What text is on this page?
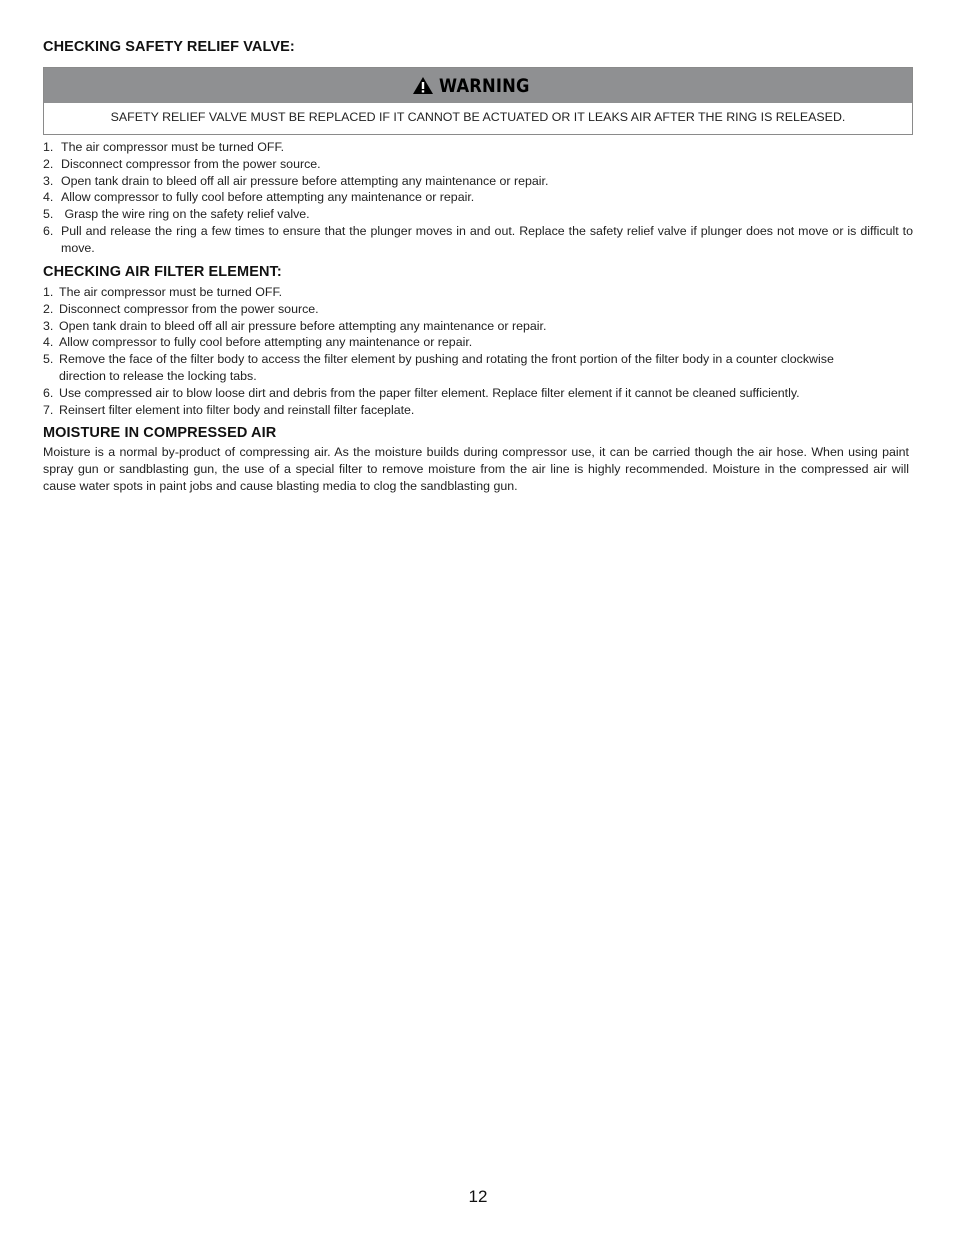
CHECKING SAFETY RELIEF VALVE:
WARNING
SAFETY RELIEF VALVE MUST BE REPLACED IF IT CANNOT BE ACTUATED OR IT LEAKS AIR AFTER THE RING IS RELEASED.
1. The air compressor must be turned OFF.
2. Disconnect compressor from the power source.
3. Open tank drain to bleed off all air pressure before attempting any maintenance or repair.
4. Allow compressor to fully cool before attempting any maintenance or repair.
5. Grasp the wire ring on the safety relief valve.
6. Pull and release the ring a few times to ensure that the plunger moves in and out. Replace the safety relief valve if plunger does not move or is difficult to move.
CHECKING AIR FILTER ELEMENT:
1. The air compressor must be turned OFF.
2. Disconnect compressor from the power source.
3. Open tank drain to bleed off all air pressure before attempting any maintenance or repair.
4. Allow compressor to fully cool before attempting any maintenance or repair.
5. Remove the face of the filter body to access the filter element by pushing and rotating the front portion of the filter body in a counter clockwise direction to release the locking tabs.
6. Use compressed air to blow loose dirt and debris from the paper filter element. Replace filter element if it cannot be cleaned sufficiently.
7. Reinsert filter element into filter body and reinstall filter faceplate.
MOISTURE IN COMPRESSED AIR
Moisture is a normal by-product of compressing air. As the moisture builds during compressor use, it can be carried though the air hose. When using paint spray gun or sandblasting gun, the use of a special filter to remove moisture from the air line is highly recommended. Moisture in the compressed air will cause water spots in paint jobs and cause blasting media to clog the sandblasting gun.
12
